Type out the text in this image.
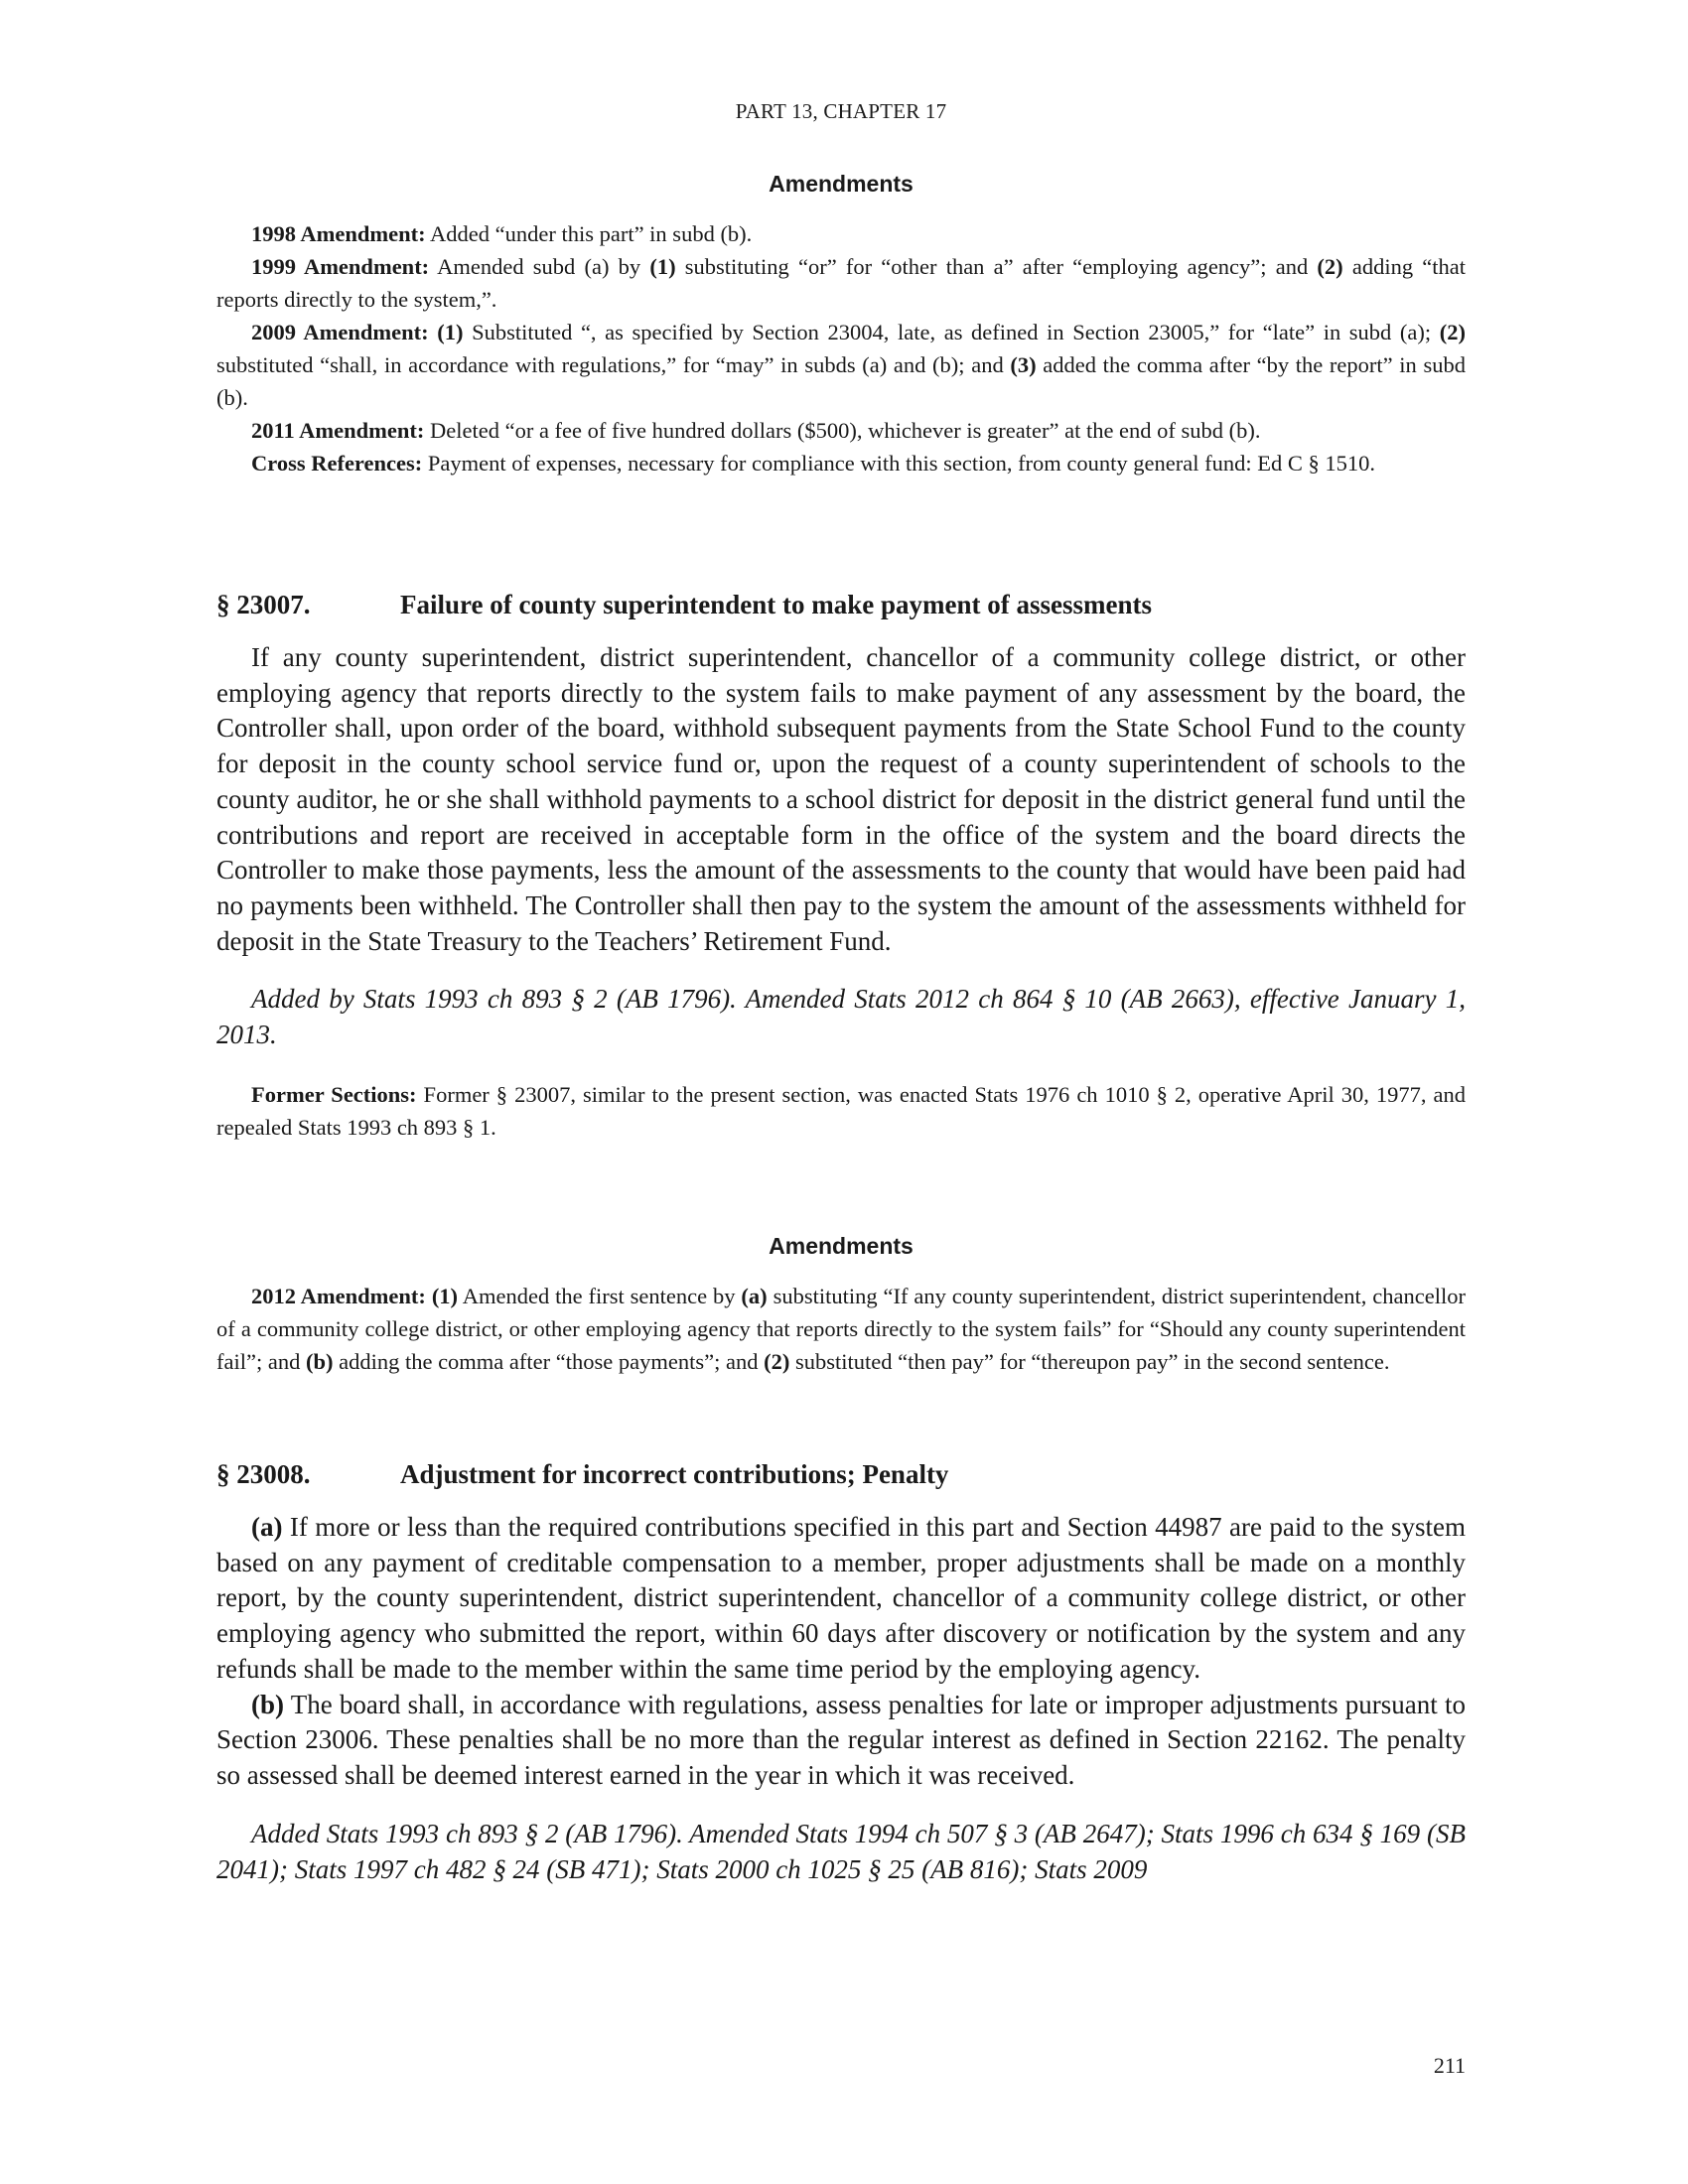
PART 13, CHAPTER 17
Amendments

1998 Amendment: Added “under this part” in subd (b).

1999 Amendment: Amended subd (a) by (1) substituting “or” for “other than a” after “employing agency”; and (2) adding “that reports directly to the system,”.

2009 Amendment: (1) Substituted “, as specified by Section 23004, late, as defined in Section 23005,” for “late” in subd (a); (2) substituted “shall, in accordance with regulations,” for “may” in subds (a) and (b); and (3) added the comma after “by the report” in subd (b).

2011 Amendment: Deleted “or a fee of five hundred dollars ($500), whichever is greater” at the end of subd (b).

Cross References: Payment of expenses, necessary for compliance with this section, from county general fund: Ed C § 1510.

§ 23007.	Failure of county superintendent to make payment of assessments

If any county superintendent, district superintendent, chancellor of a community college district, or other employing agency that reports directly to the system fails to make payment of any assessment by the board, the Controller shall, upon order of the board, withhold subsequent payments from the State School Fund to the county for deposit in the county school service fund or, upon the request of a county superintendent of schools to the county auditor, he or she shall withhold payments to a school district for deposit in the district general fund until the contributions and report are received in acceptable form in the office of the system and the board directs the Controller to make those payments, less the amount of the assessments to the county that would have been paid had no payments been withheld. The Controller shall then pay to the system the amount of the assessments withheld for deposit in the State Treasury to the Teachers’ Retirement Fund.

Added by Stats 1993 ch 893 § 2 (AB 1796). Amended Stats 2012 ch 864 § 10 (AB 2663), effective January 1, 2013.

Former Sections: Former § 23007, similar to the present section, was enacted Stats 1976 ch 1010 § 2, operative April 30, 1977, and repealed Stats 1993 ch 893 § 1.

Amendments

2012 Amendment: (1) Amended the first sentence by (a) substituting “If any county superintendent, district superintendent, chancellor of a community college district, or other employing agency that reports directly to the system fails” for “Should any county superintendent fail”; and (b) adding the comma after “those payments”; and (2) substituted “then pay” for “thereupon pay” in the second sentence.

§ 23008.	Adjustment for incorrect contributions; Penalty

(a) If more or less than the required contributions specified in this part and Section 44987 are paid to the system based on any payment of creditable compensation to a member, proper adjustments shall be made on a monthly report, by the county superintendent, district superintendent, chancellor of a community college district, or other employing agency who submitted the report, within 60 days after discovery or notification by the system and any refunds shall be made to the member within the same time period by the employing agency.

(b) The board shall, in accordance with regulations, assess penalties for late or improper adjustments pursuant to Section 23006. These penalties shall be no more than the regular interest as defined in Section 22162. The penalty so assessed shall be deemed interest earned in the year in which it was received.

Added Stats 1993 ch 893 § 2 (AB 1796). Amended Stats 1994 ch 507 § 3 (AB 2647); Stats 1996 ch 634 § 169 (SB 2041); Stats 1997 ch 482 § 24 (SB 471); Stats 2000 ch 1025 § 25 (AB 816); Stats 2009

211
